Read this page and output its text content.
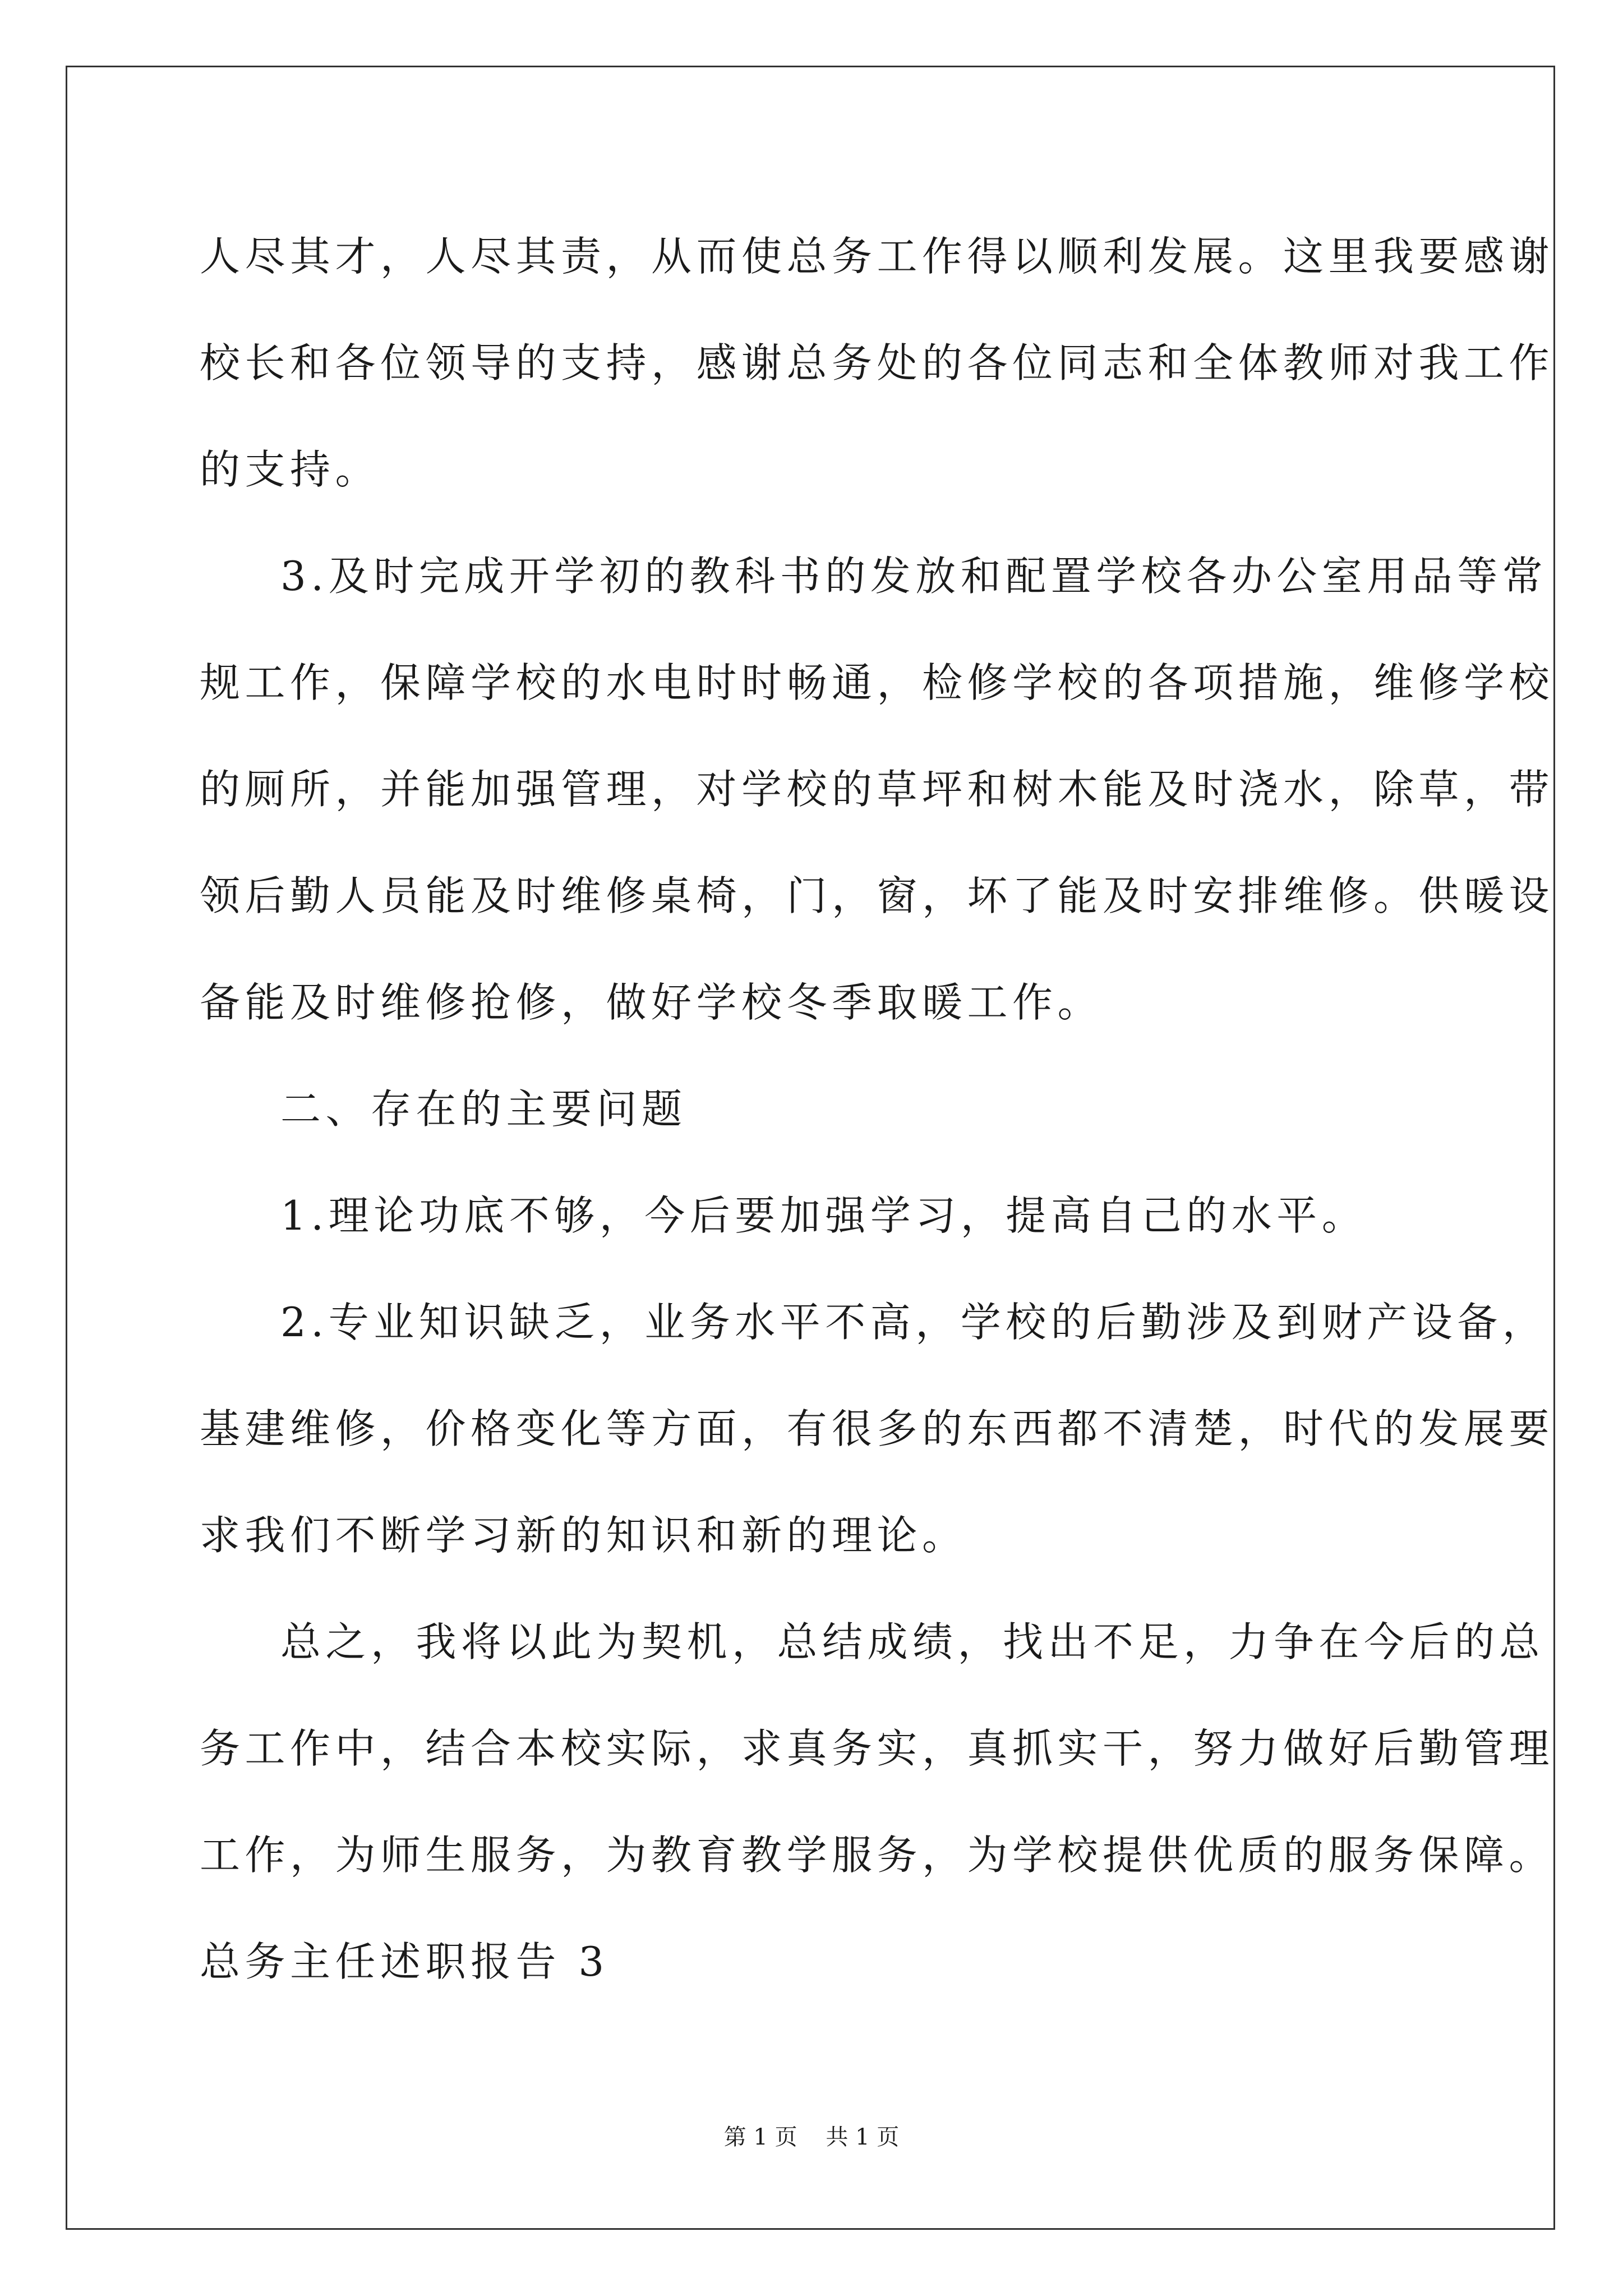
人尽其才，人尽其责，从而使总务工作得以顺利发展。这里我要感谢
校长和各位领导的支持，感谢总务处的各位同志和全体教师对我工作
的支持。
3.及时完成开学初的教科书的发放和配置学校各办公室用品等常
规工作，保障学校的水电时时畅通，检修学校的各项措施，维修学校
的厕所，并能加强管理，对学校的草坪和树木能及时浇水，除草，带
领后勤人员能及时维修桌椅，门，窗，坏了能及时安排维修。供暖设
备能及时维修抢修，做好学校冬季取暖工作。
二、存在的主要问题
1.理论功底不够，今后要加强学习，提高自己的水平。
2.专业知识缺乏，业务水平不高，学校的后勤涉及到财产设备，
基建维修，价格变化等方面，有很多的东西都不清楚，时代的发展要
求我们不断学习新的知识和新的理论。
总之，我将以此为契机，总结成绩，找出不足，力争在今后的总
务工作中，结合本校实际，求真务实，真抓实干，努力做好后勤管理
工作，为师生服务，为教育教学服务，为学校提供优质的服务保障。
总务主任述职报告 3
第 1 页    共 1 页
